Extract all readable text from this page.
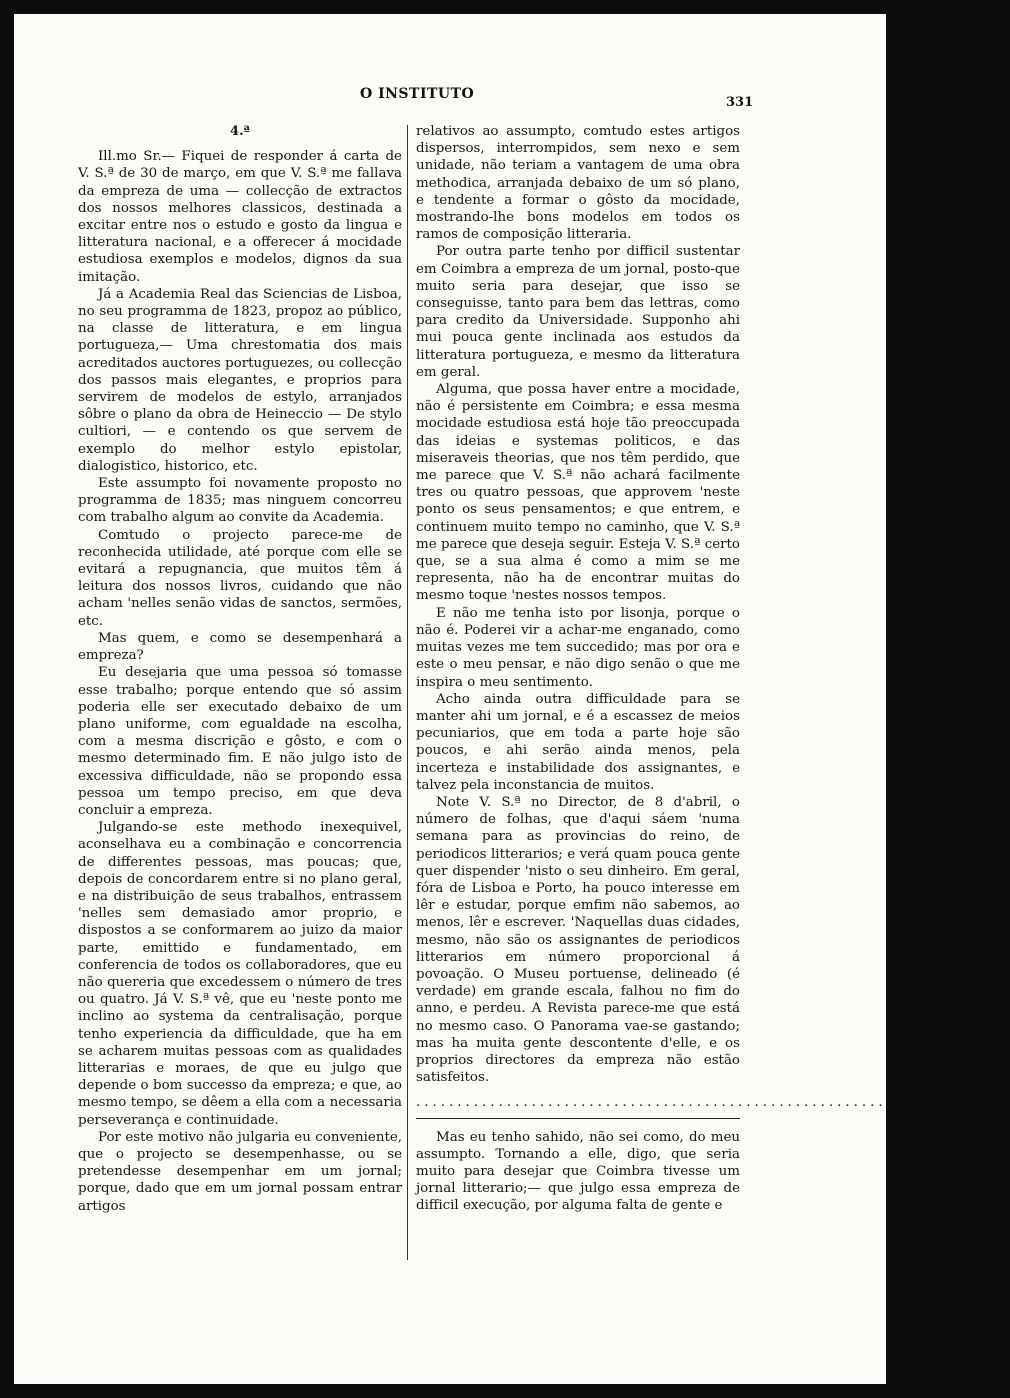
O INSTITUTO
331

4.ª

Ill.mo Sr.— Fiquei de responder á carta de V. S.ª de 30 de março, em que V. S.ª me fallava da empreza de uma — collecção de extractos dos nossos melhores classicos, destinada a excitar entre nos o estudo e gosto da lingua e litteratura nacional, e a offerecer á mocidade estudiosa exemplos e modelos, dignos da sua imitação.

Já a Academia Real das Sciencias de Lisboa, no seu programma de 1823, propoz ao público, na classe de litteratura, e em lingua portugueza,— Uma chrestomatia dos mais acreditados auctores portuguezes, ou collecção dos passos mais elegantes, e proprios para servirem de modelos de estylo, arranjados sôbre o plano da obra de Heineccio — De stylo cultiori, — e contendo os que servem de exemplo do melhor estylo epistolar, dialogistico, historico, etc.

Este assumpto foi novamente proposto no programma de 1835; mas ninguem concorreu com trabalho algum ao convite da Academia.

Comtudo o projecto parece-me de reconhecida utilidade, até porque com elle se evitará a repugnancia, que muitos têm á leitura dos nossos livros, cuidando que não acham 'nelles senão vidas de sanctos, sermões, etc.

Mas quem, e como se desempenhará a empreza?

Eu desejaria que uma pessoa só tomasse esse trabalho; porque entendo que só assim poderia elle ser executado debaixo de um plano uniforme, com egualdade na escolha, com a mesma discrição e gôsto, e com o mesmo determinado fim. E não julgo isto de excessiva difficuldade, não se propondo essa pessoa um tempo preciso, em que deva concluir a empreza.

Julgando-se este methodo inexequivel, aconselhava eu a combinação e concorrencia de differentes pessoas, mas poucas; que, depois de concordarem entre si no plano geral, e na distribuição de seus trabalhos, entrassem 'nelles sem demasiado amor proprio, e dispostos a se conformarem ao juizo da maior parte, emittido e fundamentado, em conferencia de todos os collaboradores, que eu não quereria que excedessem o número de tres ou quatro. Já V. S.ª vê, que eu 'neste ponto me inclino ao systema da centralisação, porque tenho experiencia da difficuldade, que ha em se acharem muitas pessoas com as qualidades litterarias e moraes, de que eu julgo que depende o bom successo da empreza; e que, ao mesmo tempo, se dêem a ella com a necessaria perseverança e continuidade.

Por este motivo não julgaria eu conveniente, que o projecto se desempenhasse, ou se pretendesse desempenhar em um jornal; porque, dado que em um jornal possam entrar artigos

relativos ao assumpto, comtudo estes artigos dispersos, interrompidos, sem nexo e sem unidade, não teriam a vantagem de uma obra methodica, arranjada debaixo de um só plano, e tendente a formar o gôsto da mocidade, mostrando-lhe bons modelos em todos os ramos de composição litteraria.

Por outra parte tenho por difficil sustentar em Coimbra a empreza de um jornal, posto-que muito seria para desejar, que isso se conseguisse, tanto para bem das lettras, como para credito da Universidade. Supponho ahi mui pouca gente inclinada aos estudos da litteratura portugueza, e mesmo da litteratura em geral.

Alguma, que possa haver entre a mocidade, não é persistente em Coimbra; e essa mesma mocidade estudiosa está hoje tão preoccupada das ideias e systemas politicos, e das miseraveis theorias, que nos têm perdido, que me parece que V. S.ª não achará facilmente tres ou quatro pessoas, que approvem 'neste ponto os seus pensamentos; e que entrem, e continuem muito tempo no caminho, que V. S.ª me parece que deseja seguir. Esteja V. S.ª certo que, se a sua alma é como a mim se me representa, não ha de encontrar muitas do mesmo toque 'nestes nossos tempos.

E não me tenha isto por lisonja, porque o não é. Poderei vir a achar-me enganado, como muitas vezes me tem succedido; mas por ora e este o meu pensar, e não digo senão o que me inspira o meu sentimento.

Acho ainda outra difficuldade para se manter ahi um jornal, e é a escassez de meios pecuniarios, que em toda a parte hoje são poucos, e ahi serão ainda menos, pela incerteza e instabilidade dos assignantes, e talvez pela inconstancia de muitos.

Note V. S.ª no Director, de 8 d'abril, o número de folhas, que d'aqui sáem 'numa semana para as provincias do reino, de periodicos litterarios; e verá quam pouca gente quer dispender 'nisto o seu dinheiro. Em geral, fóra de Lisboa e Porto, ha pouco interesse em lêr e estudar, porque emfim não sabemos, ao menos, lêr e escrever. 'Naquellas duas cidades, mesmo, não são os assignantes de periodicos litterarios em número proporcional á povoação. O Museu portuense, delineado (é verdade) em grande escala, falhou no fim do anno, e perdeu. A Revista parece-me que está no mesmo caso. O Panorama vae-se gastando; mas ha muita gente descontente d'elle, e os proprios directores da empreza não estão satisfeitos.

........................................................................

Mas eu tenho sahido, não sei como, do meu assumpto. Tornando a elle, digo, que seria muito para desejar que Coimbra tivesse um jornal litterario;— que julgo essa empreza de difficil execução, por alguma falta de gente e
